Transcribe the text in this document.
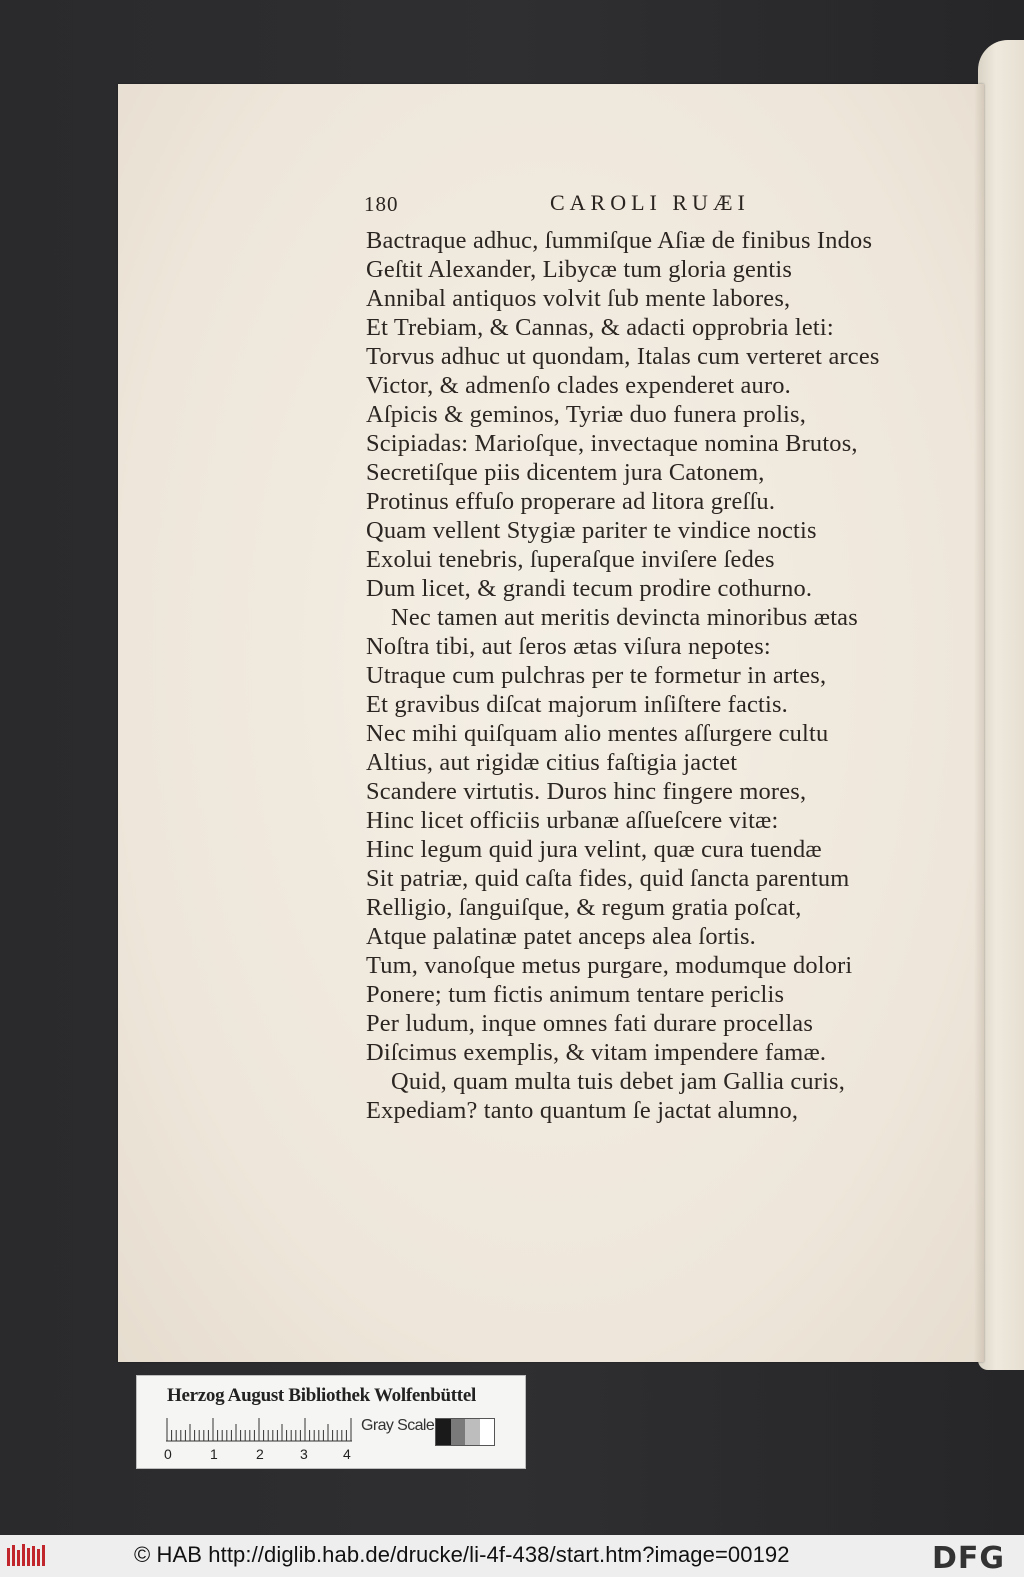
180	CAROLI RUÆI
Bactraque adhuc, ſummiſque Aſiæ de finibus Indos
Geſtit Alexander, Libycæ tum gloria gentis
Annibal antiquos volvit ſub mente labores,
Et Trebiam, & Cannas, & adacti opprobria leti:
Torvus adhuc ut quondam, Italas cum verteret arces
Victor, & admenſo clades expenderet auro.
Aſpicis & geminos, Tyriæ duo funera prolis,
Scipiadas: Marioſque, invectaque nomina Brutos,
Secretiſque piis dicentem jura Catonem,
Protinus effuſo properare ad litora greſſu.
Quam vellent Stygiæ pariter te vindice noctis
Exolui tenebris, ſuperaſque inviſere ſedes
Dum licet, & grandi tecum prodire cothurno.
Nec tamen aut meritis devincta minoribus ætas
Noſtra tibi, aut ſeros ætas viſura nepotes:
Utraque cum pulchras per te formetur in artes,
Et gravibus diſcat majorum inſiſtere factis.
Nec mihi quiſquam alio mentes aſſurgere cultu
Altius, aut rigidæ citius faſtigia jactet
Scandere virtutis. Duros hinc fingere mores,
Hinc licet officiis urbanæ aſſueſcere vitæ:
Hinc legum quid jura velint, quæ cura tuendæ
Sit patriæ, quid caſta fides, quid ſancta parentum
Relligio, ſanguiſque, & regum gratia poſcat,
Atque palatinæ patet anceps alea ſortis.
Tum, vanoſque metus purgare, modumque dolori
Ponere; tum fictis animum tentare periclis
Per ludum, inque omnes fati durare procellas
Diſcimus exemplis, & vitam impendere famæ.
Quid, quam multa tuis debet jam Gallia curis,
Expediam? tanto quantum ſe jactat alumno,
Herzog August Bibliothek Wolfenbüttel
Gray Scale
0	1	2	3	4
© HAB http://diglib.hab.de/drucke/li-4f-438/start.htm?image=00192	DFG
